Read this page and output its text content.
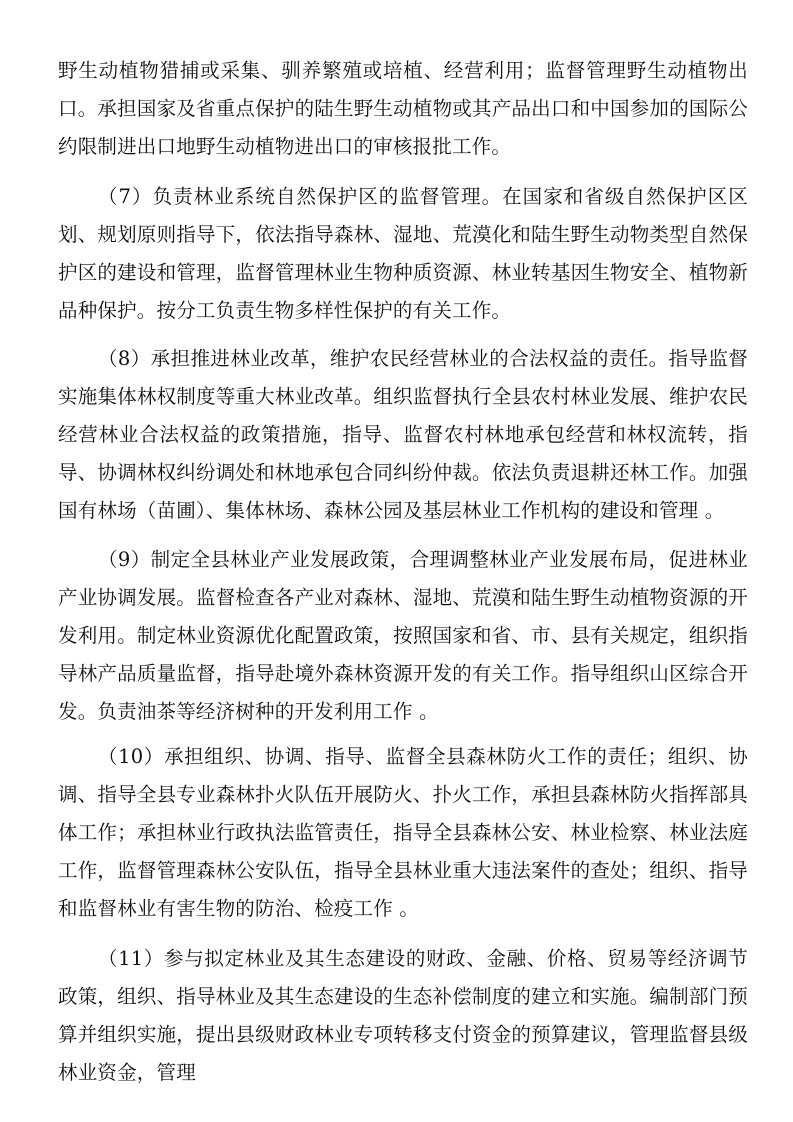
野生动植物猎捕或采集、驯养繁殖或培植、经营利用；监督管理野生动植物出口。承担国家及省重点保护的陆生野生动植物或其产品出口和中国参加的国际公约限制进出口地野生动植物进出口的审核报批工作。

（7）负责林业系统自然保护区的监督管理。在国家和省级自然保护区区划、规划原则指导下，依法指导森林、湿地、荒漠化和陆生野生动物类型自然保护区的建设和管理，监督管理林业生物种质资源、林业转基因生物安全、植物新品种保护。按分工负责生物多样性保护的有关工作。

（8）承担推进林业改革，维护农民经营林业的合法权益的责任。指导监督实施集体林权制度等重大林业改革。组织监督执行全县农村林业发展、维护农民经营林业合法权益的政策措施，指导、监督农村林地承包经营和林权流转，指导、协调林权纠纷调处和林地承包合同纠纷仲裁。依法负责退耕还林工作。加强国有林场（苗圃）、集体林场、森林公园及基层林业工作机构的建设和管理 。

（9）制定全县林业产业发展政策，合理调整林业产业发展布局，促进林业产业协调发展。监督检查各产业对森林、湿地、荒漠和陆生野生动植物资源的开发利用。制定林业资源优化配置政策，按照国家和省、市、县有关规定，组织指导林产品质量监督，指导赴境外森林资源开发的有关工作。指导组织山区综合开发。负责油茶等经济树种的开发利用工作 。

（10）承担组织、协调、指导、监督全县森林防火工作的责任；组织、协调、指导全县专业森林扑火队伍开展防火、扑火工作，承担县森林防火指挥部具体工作；承担林业行政执法监管责任，指导全县森林公安、林业检察、林业法庭工作，监督管理森林公安队伍，指导全县林业重大违法案件的查处；组织、指导和监督林业有害生物的防治、检疫工作 。

（11）参与拟定林业及其生态建设的财政、金融、价格、贸易等经济调节政策，组织、指导林业及其生态建设的生态补偿制度的建立和实施。编制部门预算并组织实施，提出县级财政林业专项转移支付资金的预算建议，管理监督县级林业资金，管理
